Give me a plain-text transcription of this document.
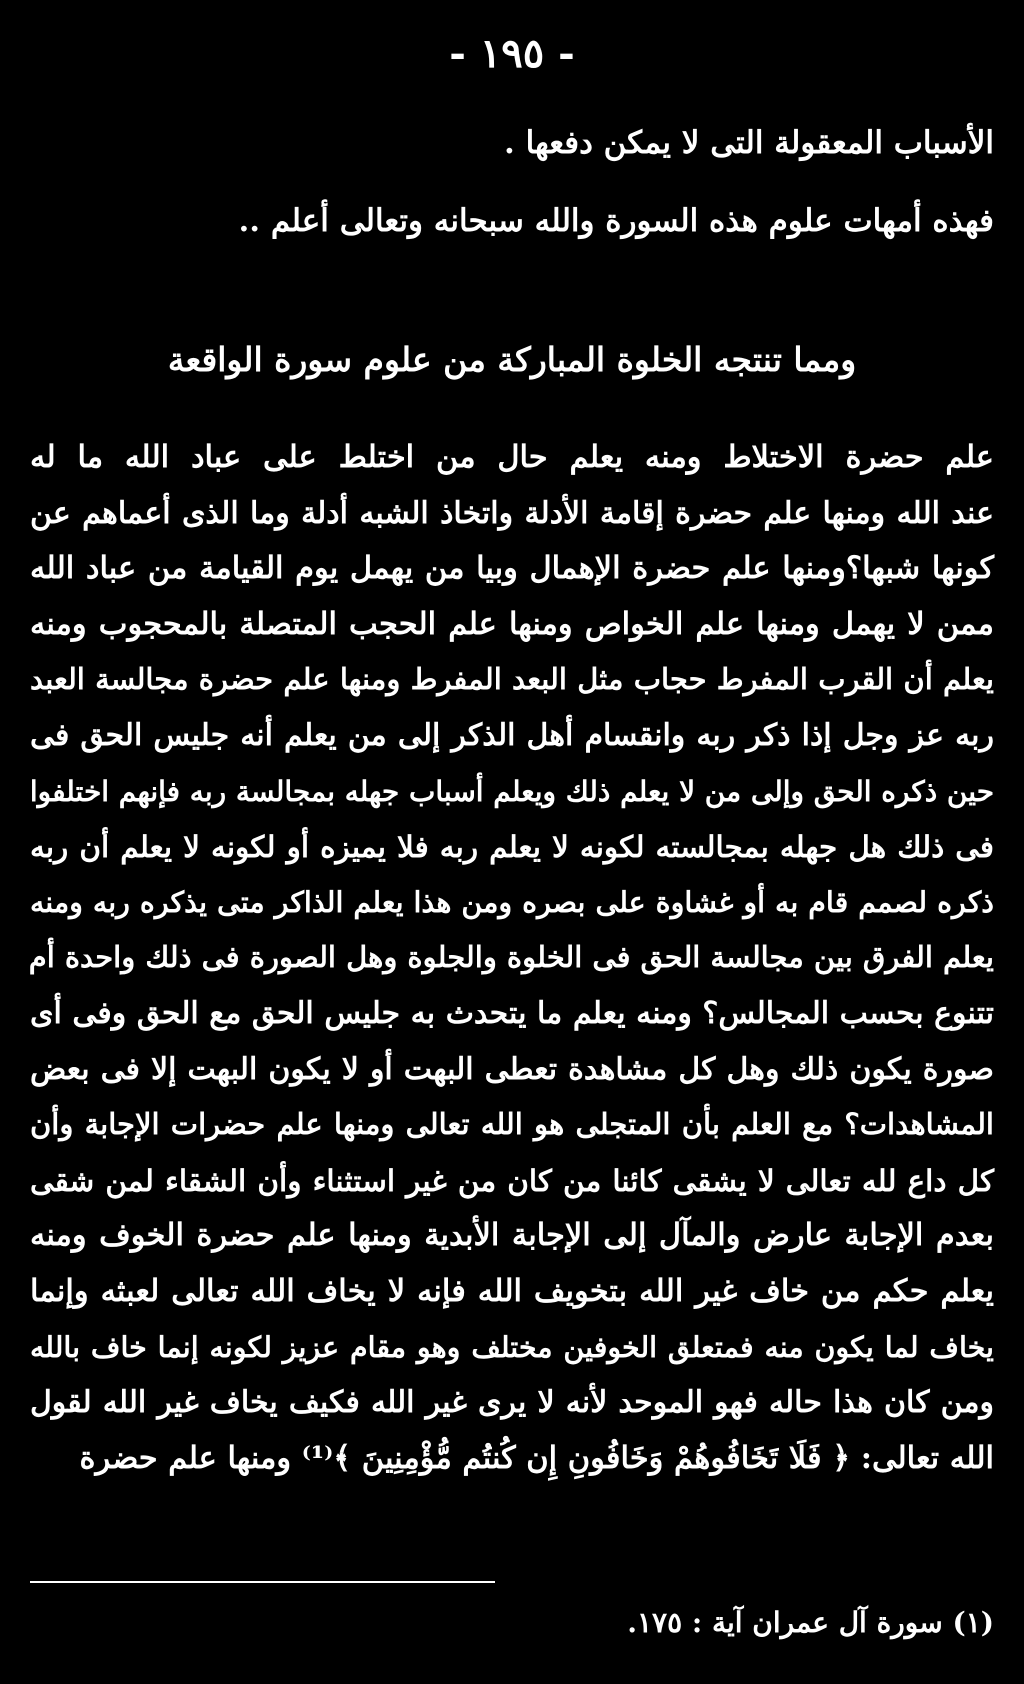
- ١٩٥ -
الأسباب المعقولة التى لا يمكن دفعها .
فهذه أمهات علوم هذه السورة والله سبحانه وتعالى أعلم ..
ومما تنتجه الخلوة المباركة من علوم سورة الواقعة
علم حضرة الاختلاط ومنه يعلم حال من اختلط على عباد الله ما له
عند الله ومنها علم حضرة إقامة الأدلة واتخاذ الشبه أدلة وما الذى أعماهم عن
كونها شبها؟ومنها علم حضرة الإهمال وبيا من يهمل يوم القيامة من عباد الله
ممن لا يهمل ومنها علم الخواص ومنها علم الحجب المتصلة بالمحجوب ومنه
يعلم أن القرب المفرط حجاب مثل البعد المفرط ومنها علم حضرة مجالسة العبد
ربه عز وجل إذا ذكر ربه وانقسام أهل الذكر إلى من يعلم أنه جليس الحق فى
حين ذكره الحق وإلى من لا يعلم ذلك ويعلم أسباب جهله بمجالسة ربه فإنهم اختلفوا
فى ذلك هل جهله بمجالسته لكونه لا يعلم ربه فلا يميزه أو لكونه لا يعلم أن ربه
ذكره لصمم قام به أو غشاوة على بصره ومن هذا يعلم الذاكر متى يذكره ربه ومنه
يعلم الفرق بين مجالسة الحق فى الخلوة والجلوة وهل الصورة فى ذلك واحدة أم
تتنوع بحسب المجالس؟ ومنه يعلم ما يتحدث به جليس الحق مع الحق وفى أى
صورة يكون ذلك وهل كل مشاهدة تعطى البهت أو لا يكون البهت إلا فى بعض
المشاهدات؟ مع العلم بأن المتجلى هو الله تعالى ومنها علم حضرات الإجابة وأن
كل داع لله تعالى لا يشقى كائنا من كان من غير استثناء وأن الشقاء لمن شقى
بعدم الإجابة عارض والمآل إلى الإجابة الأبدية ومنها علم حضرة الخوف ومنه
يعلم حكم من خاف غير الله بتخويف الله فإنه لا يخاف الله تعالى لعبثه وإنما
يخاف لما يكون منه فمتعلق الخوفين مختلف وهو مقام عزيز لكونه إنما خاف بالله
ومن كان هذا حاله فهو الموحد لأنه لا يرى غير الله فكيف يخاف غير الله لقول
الله تعالى: ﴿ فَلَا تَخَافُوهُمْ وَخَافُونِ إِن كُنتُم مُّؤْمِنِينَ ﴾⁽¹⁾ ومنها علم حضرة
(١) سورة آل عمران آية : ١٧٥.
